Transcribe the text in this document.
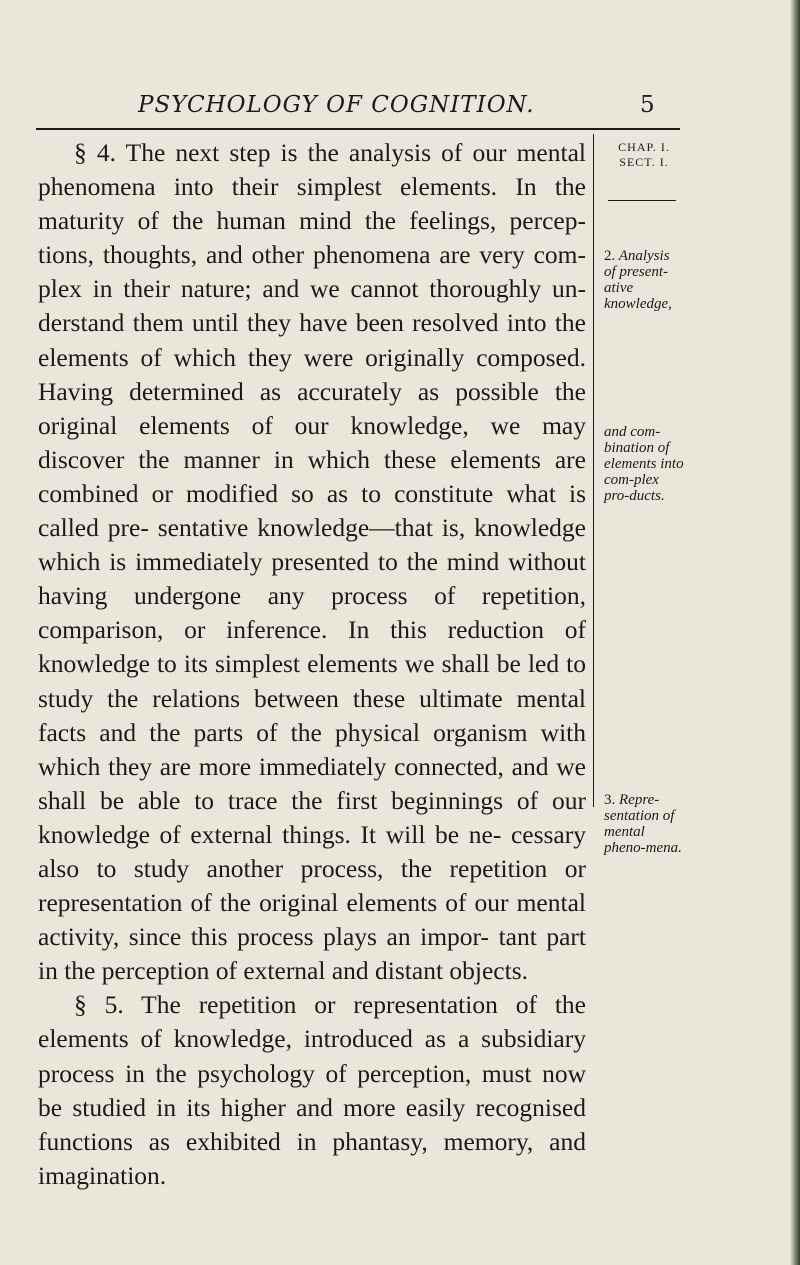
PSYCHOLOGY OF COGNITION.	5

§ 4. The next step is the analysis of our mental phenomena into their simplest elements. In the maturity of the human mind the feelings, percep- tions, thoughts, and other phenomena are very com- plex in their nature; and we cannot thoroughly un- derstand them until they have been resolved into the elements of which they were originally composed. Having determined as accurately as possible the original elements of our knowledge, we may discover the manner in which these elements are combined or modified so as to constitute what is called pre- sentative knowledge—that is, knowledge which is immediately presented to the mind without having undergone any process of repetition, comparison, or inference. In this reduction of knowledge to its simplest elements we shall be led to study the relations between these ultimate mental facts and the parts of the physical organism with which they are more immediately connected, and we shall be able to trace the first beginnings of our knowledge of external things. It will be ne- cessary also to study another process, the repetition or representation of the original elements of our mental activity, since this process plays an impor- tant part in the perception of external and distant objects.

§ 5. The repetition or representation of the elements of knowledge, introduced as a subsidiary process in the psychology of perception, must now be studied in its higher and more easily recognised functions as exhibited in phantasy, memory, and imagination.

CHAP. I.
SECT. I.
2. Analysis of present-ative knowledge,
and com-bination of elements into com-plex pro-ducts.
3. Repre-sentation of mental pheno-mena.
